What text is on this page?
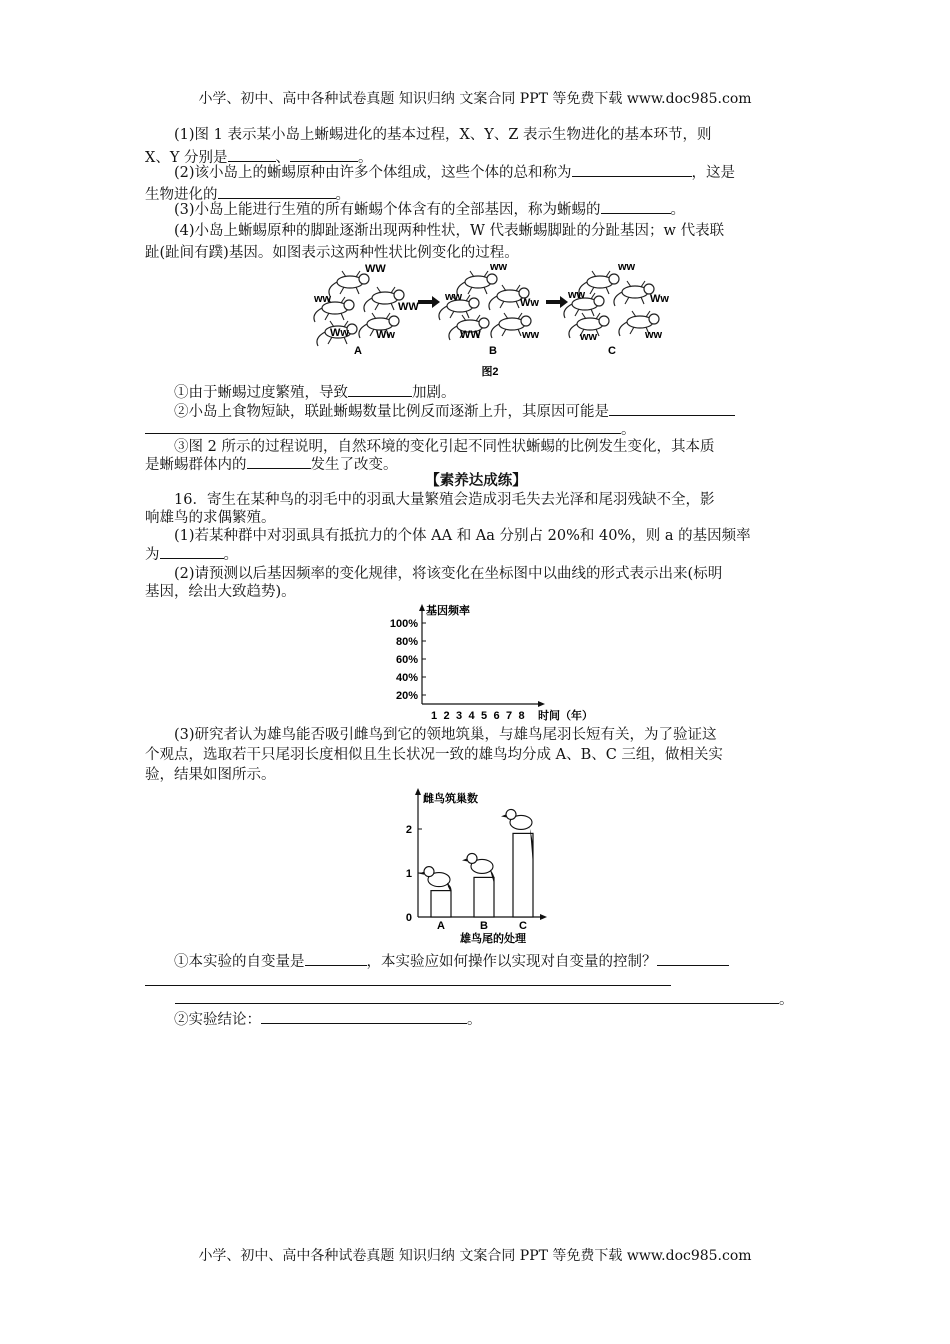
小学、初中、高中各种试卷真题 知识归纳 文案合同 PPT 等免费下载 www.doc985.com
(1)图 1 表示某小岛上蜥蜴进化的基本过程，X、Y、Z 表示生物进化的基本环节，则
X、Y 分别是	、	。
(2)该小岛上的蜥蜴原种由许多个体组成，这些个体的总和称为	，这是
生物进化的	。
(3)小岛上能进行生殖的所有蜥蜴个体含有的全部基因，称为蜥蜴的	。
(4)小岛上蜥蜴原种的脚趾逐渐出现两种性状，W 代表蜥蜴脚趾的分趾基因；w 代表联
趾(趾间有蹼)基因。如图表示这两种性状比例变化的过程。
WW
ww
WW
Ww Ww
A
ww
ww	Ww
WW	ww
B
ww
ww	Ww
ww	ww
C
图2
①由于蜥蜴过度繁殖，导致	加剧。
②小岛上食物短缺，联趾蜥蜴数量比例反而逐渐上升，其原因可能是
。
③图 2 所示的过程说明，自然环境的变化引起不同性状蜥蜴的比例发生变化，其本质
是蜥蜴群体内的	发生了改变。
【素养达成练】
16．寄生在某种鸟的羽毛中的羽虱大量繁殖会造成羽毛失去光泽和尾羽残缺不全，影
响雄鸟的求偶繁殖。
(1)若某种群中对羽虱具有抵抗力的个体 AA 和 Aa 分别占 20%和 40%，则 a 的基因频率
为	。
(2)请预测以后基因频率的变化规律，将该变化在坐标图中以曲线的形式表示出来(标明
基因，绘出大致趋势)。
基因频率
100%
80%
60%
40%
20%
1 2 3 4 5 6 7 8 时间（年）
(3)研究者认为雄鸟能否吸引雌鸟到它的领地筑巢，与雄鸟尾羽长短有关，为了验证这
个观点，选取若干只尾羽长度相似且生长状况一致的雄鸟均分成 A、B、C 三组，做相关实
验，结果如图所示。
雌鸟筑巢数
雄鸟尾的处理
0
1
2
A	B	C
①本实验的自变量是	，本实验应如何操作以实现对自变量的控制？
。
②实验结论：	。
小学、初中、高中各种试卷真题 知识归纳 文案合同 PPT 等免费下载 www.doc985.com
